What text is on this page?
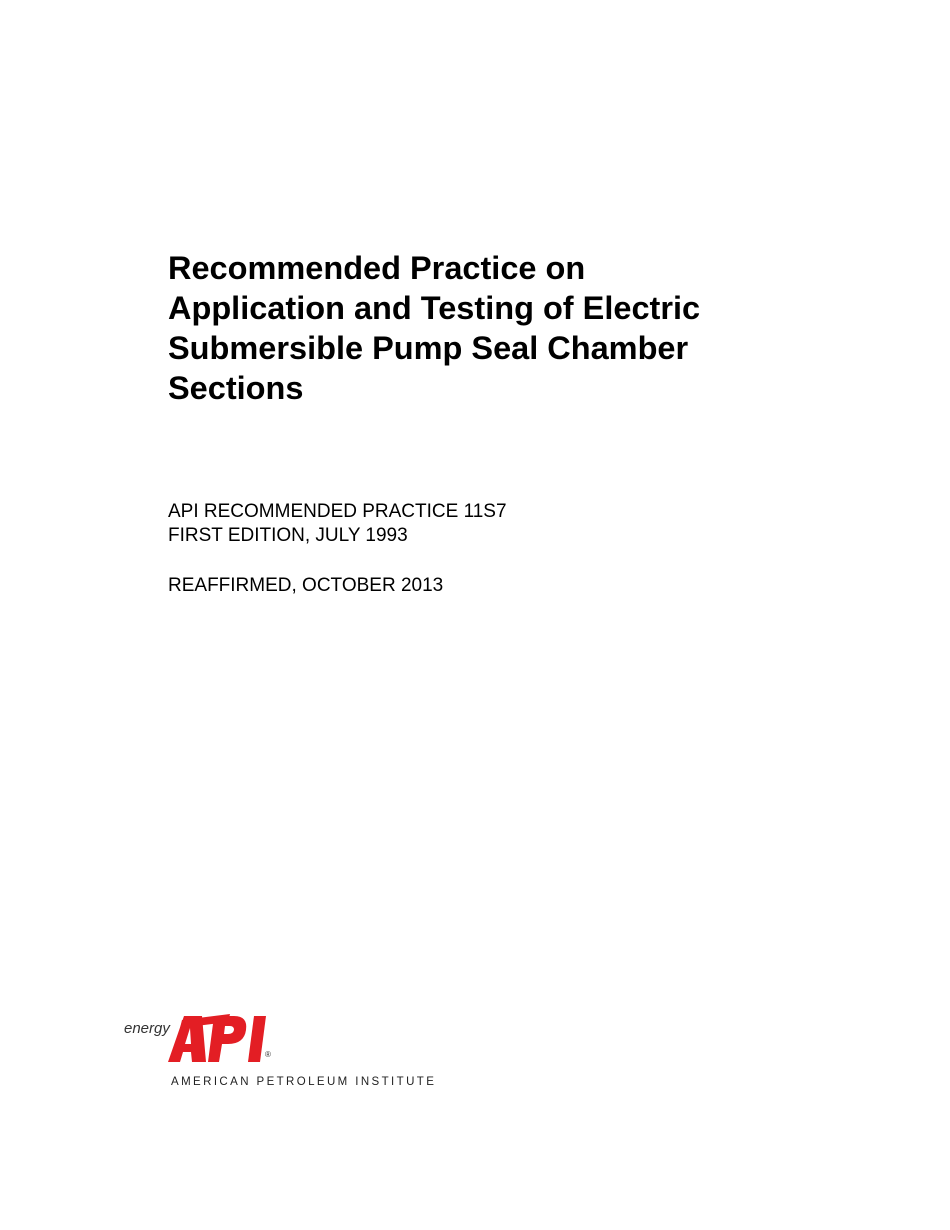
Recommended Practice on
Application and Testing of Electric
Submersible Pump Seal Chamber
Sections
API RECOMMENDED PRACTICE 11S7
FIRST EDITION, JULY 1993
REAFFIRMED, OCTOBER 2013
energy
®
AMERICAN PETROLEUM INSTITUTE
